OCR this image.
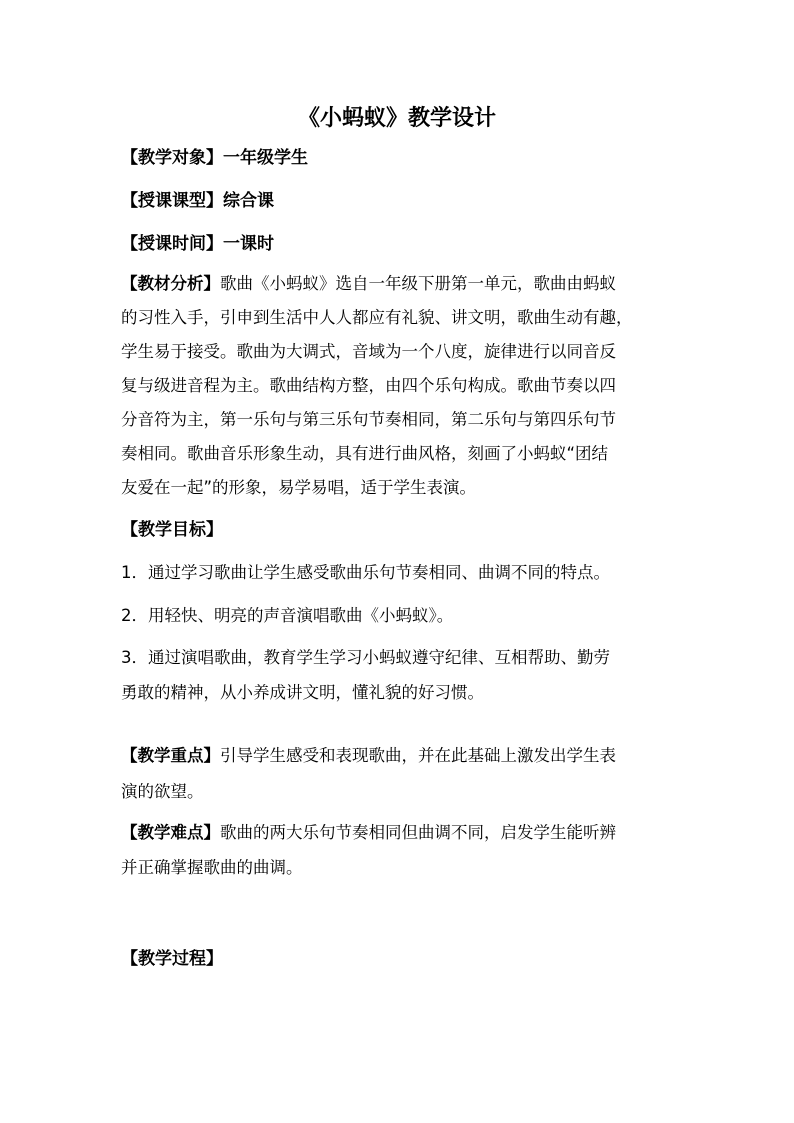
《小蚂蚁》教学设计
【教学对象】一年级学生
【授课课型】综合课
【授课时间】一课时
【教材分析】歌曲《小蚂蚁》选自一年级下册第一单元，歌曲由蚂蚁
的习性入手，引申到生活中人人都应有礼貌、讲文明，歌曲生动有趣，
学生易于接受。歌曲为大调式，音域为一个八度，旋律进行以同音反
复与级进音程为主。歌曲结构方整，由四个乐句构成。歌曲节奏以四
分音符为主，第一乐句与第三乐句节奏相同，第二乐句与第四乐句节
奏相同。歌曲音乐形象生动，具有进行曲风格，刻画了小蚂蚁“团结
友爱在一起”的形象，易学易唱，适于学生表演。
【教学目标】
1．通过学习歌曲让学生感受歌曲乐句节奏相同、曲调不同的特点。
2．用轻快、明亮的声音演唱歌曲《小蚂蚁》。
3．通过演唱歌曲，教育学生学习小蚂蚁遵守纪律、互相帮助、勤劳
勇敢的精神，从小养成讲文明，懂礼貌的好习惯。
【教学重点】引导学生感受和表现歌曲，并在此基础上激发出学生表
演的欲望。
【教学难点】歌曲的两大乐句节奏相同但曲调不同，启发学生能听辨
并正确掌握歌曲的曲调。
【教学过程】
